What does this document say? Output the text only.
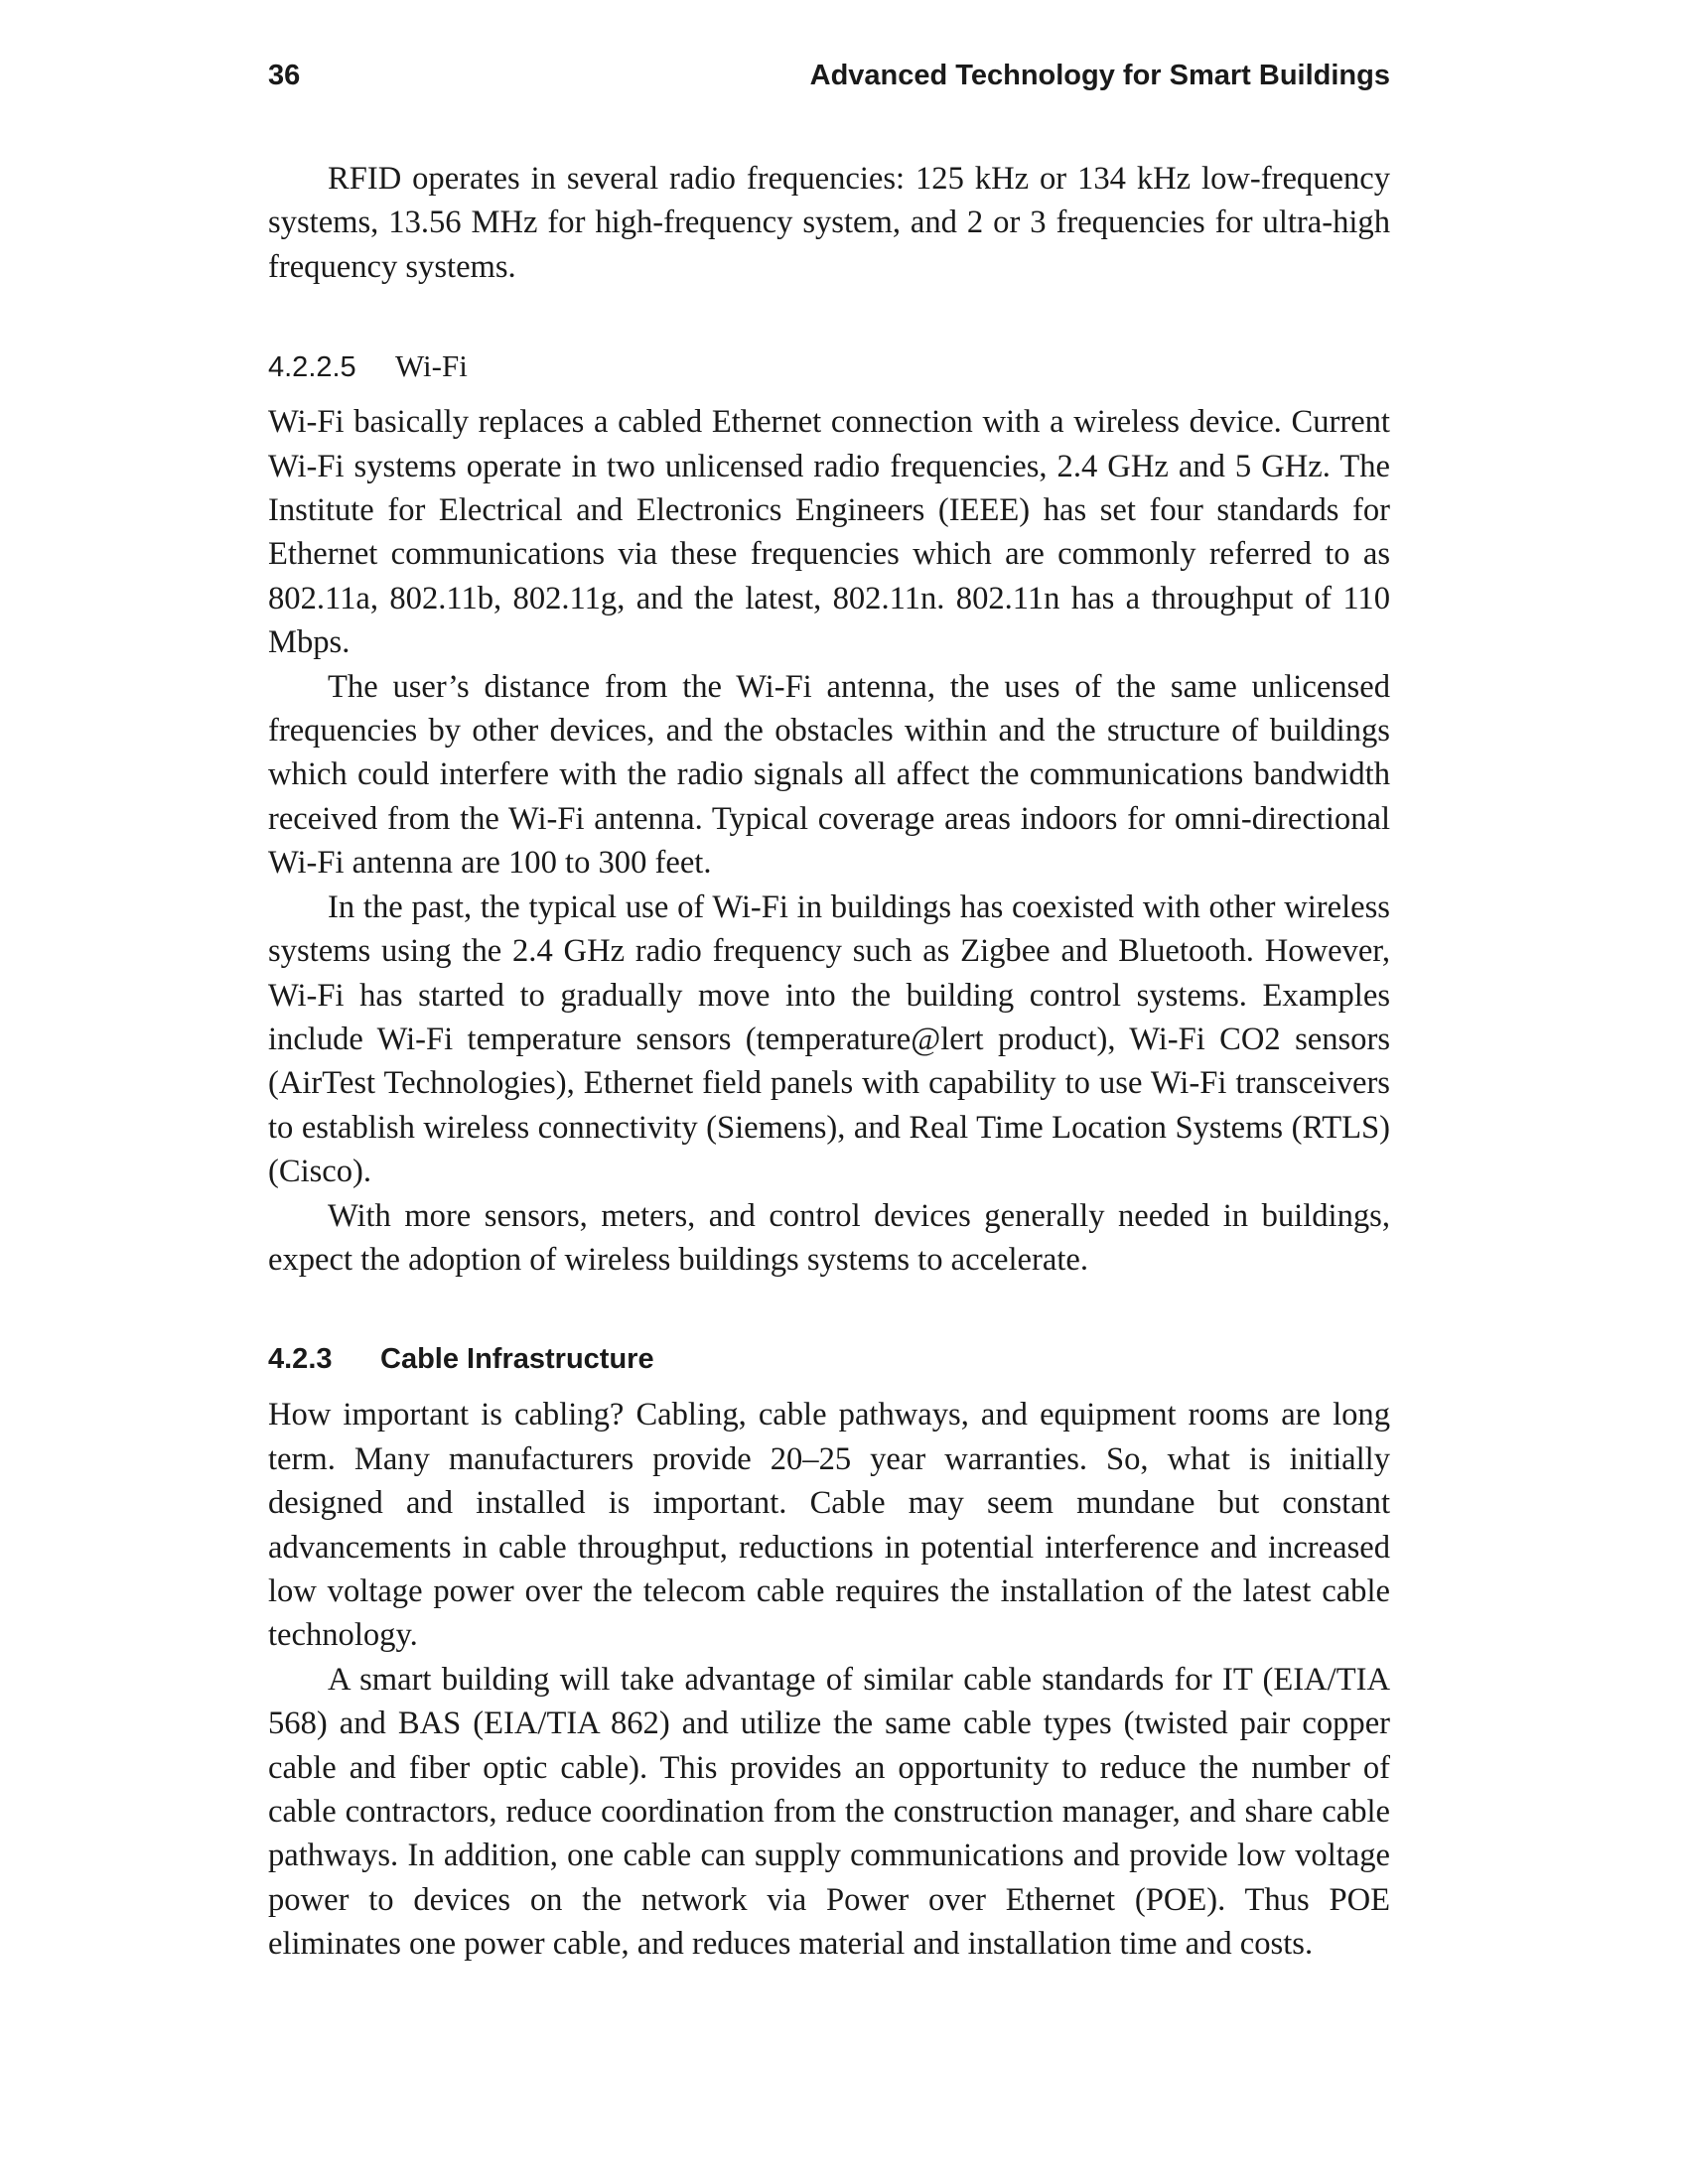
36	Advanced Technology for Smart Buildings

RFID operates in several radio frequencies: 125 kHz or 134 kHz low-frequency systems, 13.56 MHz for high-frequency system, and 2 or 3 frequencies for ultra-high frequency systems.

4.2.2.5 Wi-Fi

Wi-Fi basically replaces a cabled Ethernet connection with a wireless device. Current Wi-Fi systems operate in two unlicensed radio frequencies, 2.4 GHz and 5 GHz. The Institute for Electrical and Electronics Engineers (IEEE) has set four standards for Ethernet communications via these frequencies which are commonly referred to as 802.11a, 802.11b, 802.11g, and the latest, 802.11n. 802.11n has a throughput of 110 Mbps.

The user’s distance from the Wi-Fi antenna, the uses of the same unlicensed frequencies by other devices, and the obstacles within and the structure of buildings which could interfere with the radio signals all affect the communications bandwidth received from the Wi-Fi antenna. Typical coverage areas indoors for omni-directional Wi-Fi antenna are 100 to 300 feet.

In the past, the typical use of Wi-Fi in buildings has coexisted with other wireless systems using the 2.4 GHz radio frequency such as Zigbee and Bluetooth. However, Wi-Fi has started to gradually move into the building control systems. Examples include Wi-Fi temperature sensors (temperature@lert product), Wi-Fi CO2 sensors (AirTest Technologies), Ethernet field panels with capability to use Wi-Fi transceivers to establish wireless connectivity (Siemens), and Real Time Location Systems (RTLS) (Cisco).

With more sensors, meters, and control devices generally needed in buildings, expect the adoption of wireless buildings systems to accelerate.

4.2.3 Cable Infrastructure

How important is cabling? Cabling, cable pathways, and equipment rooms are long term. Many manufacturers provide 20–25 year warranties. So, what is initially designed and installed is important. Cable may seem mundane but constant advancements in cable throughput, reductions in potential interference and increased low voltage power over the telecom cable requires the installation of the latest cable technology.

A smart building will take advantage of similar cable standards for IT (EIA/TIA 568) and BAS (EIA/TIA 862) and utilize the same cable types (twisted pair copper cable and fiber optic cable). This provides an opportunity to reduce the number of cable contractors, reduce coordination from the construction manager, and share cable pathways. In addition, one cable can supply communications and provide low voltage power to devices on the network via Power over Ethernet (POE). Thus POE eliminates one power cable, and reduces material and installation time and costs.
